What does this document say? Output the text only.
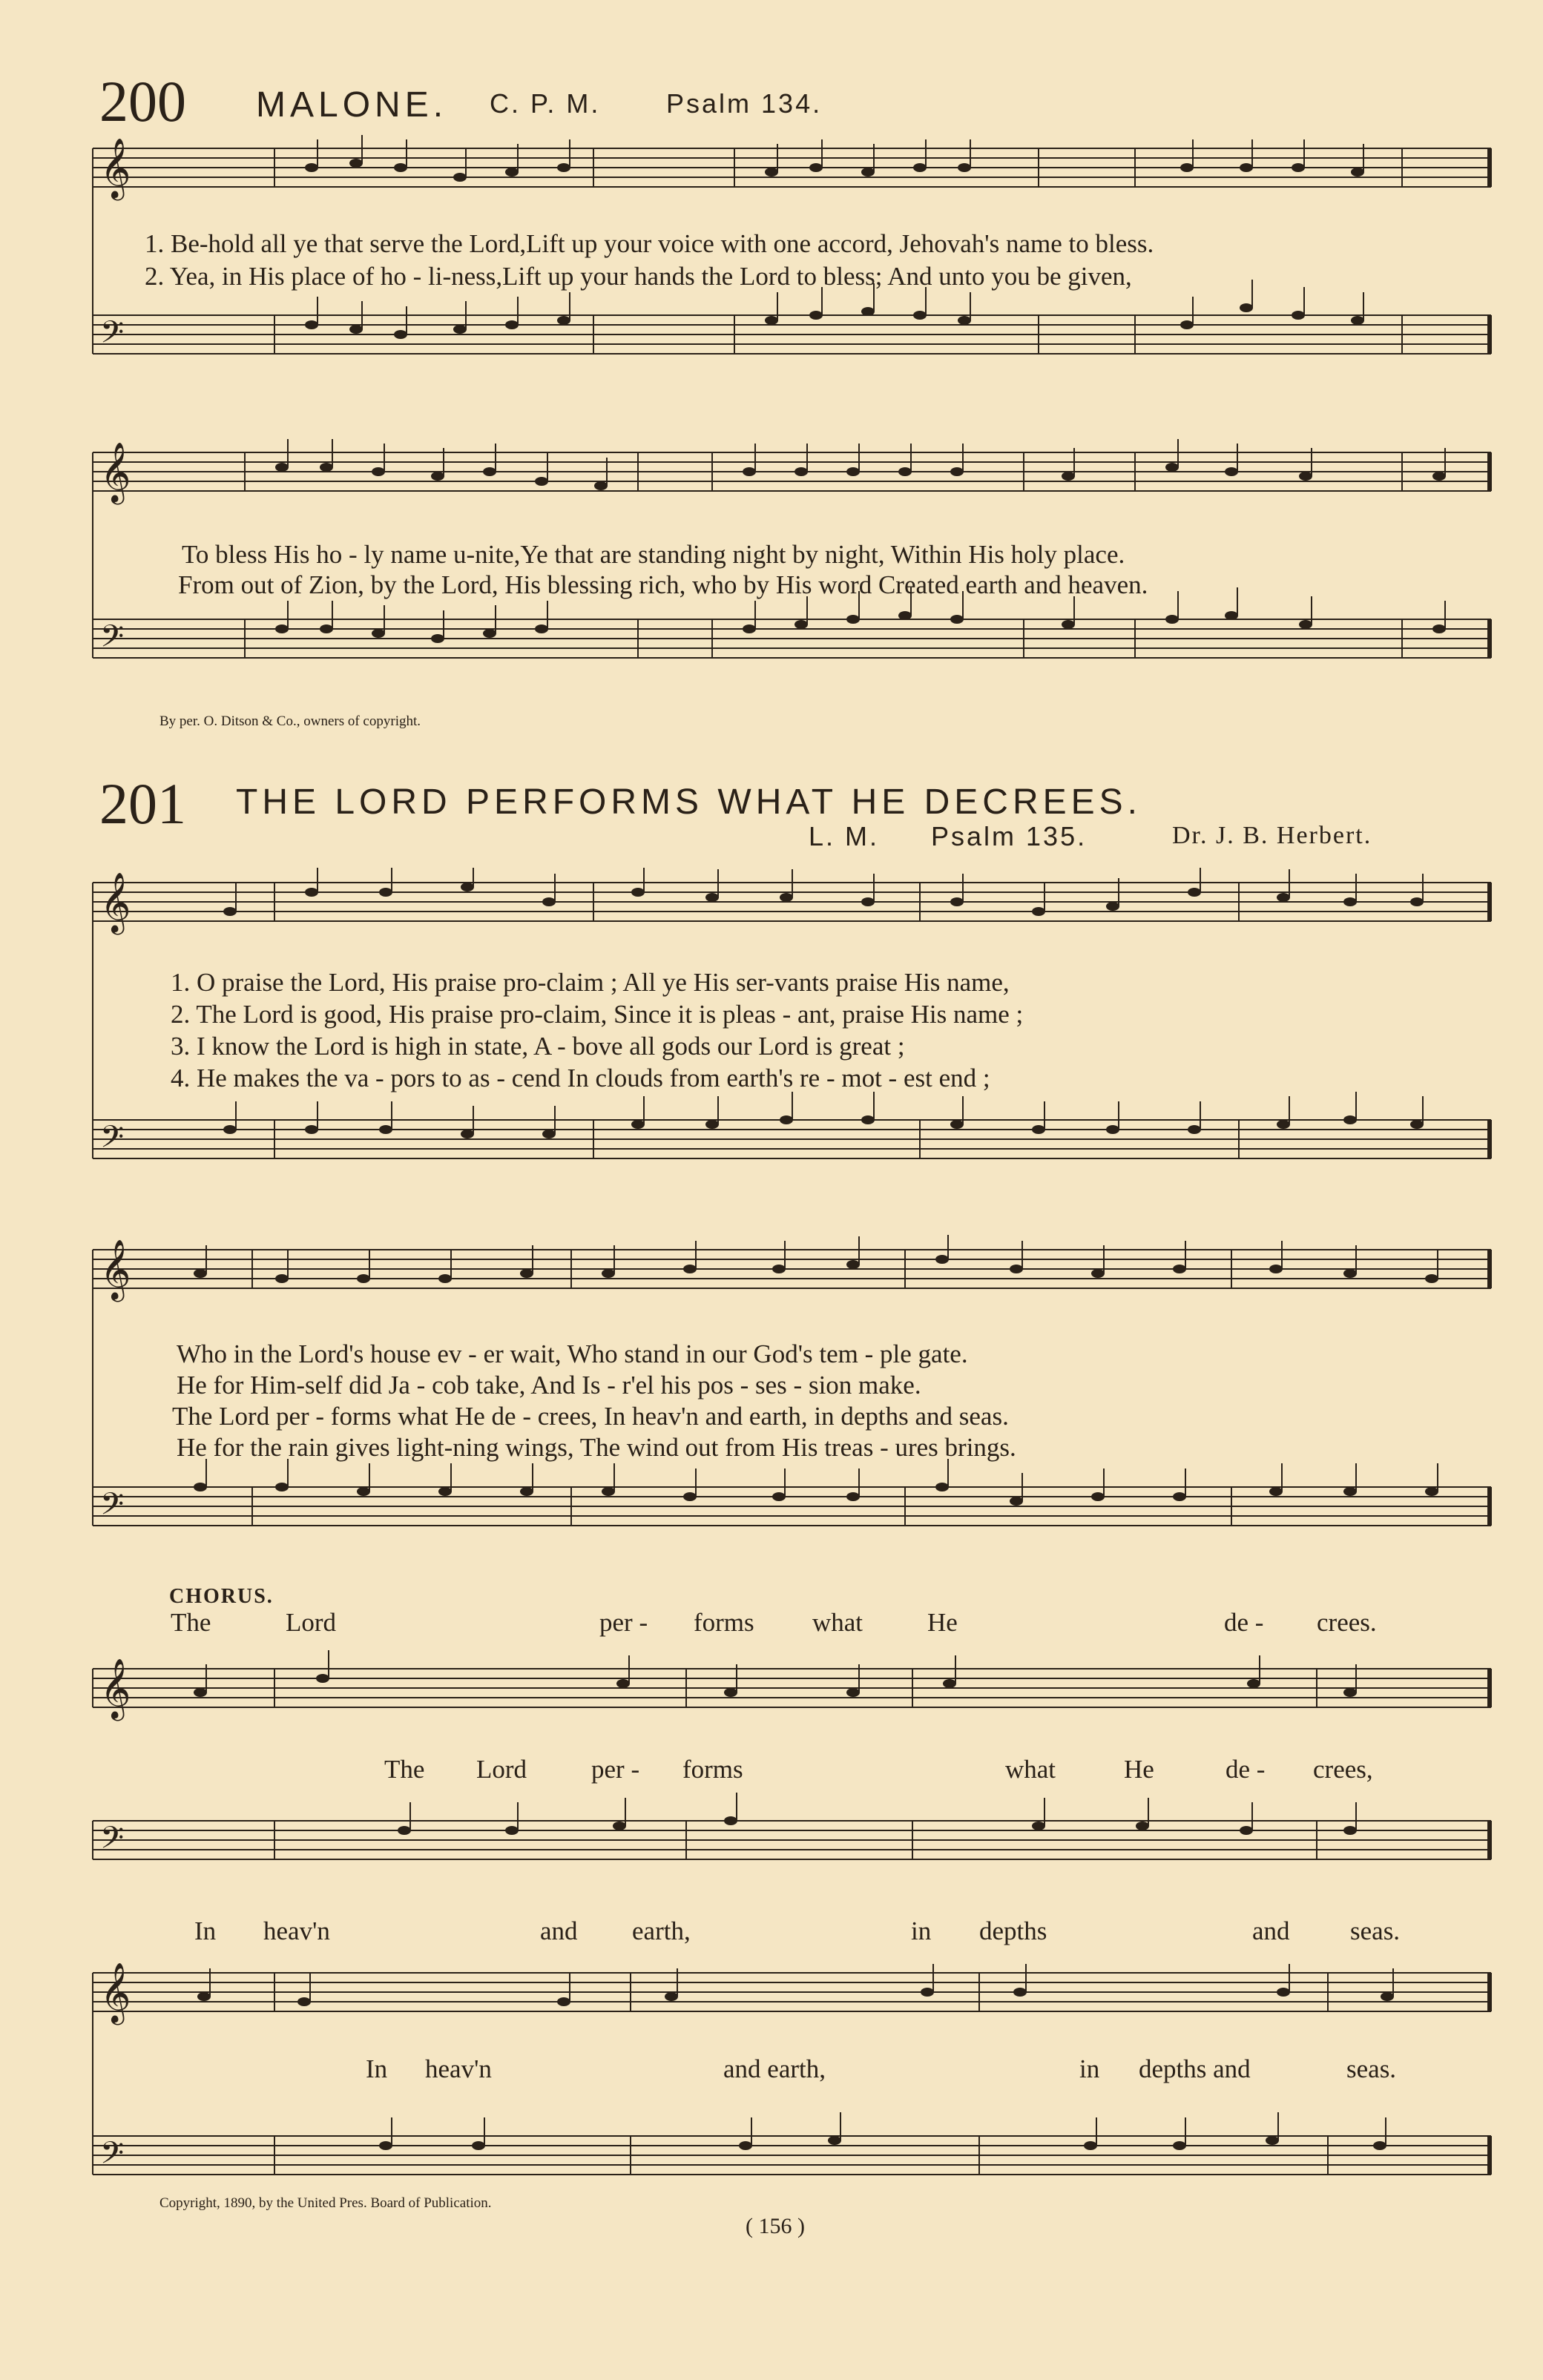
200 MALONE. C. P. M. Psalm 134.
𝄞
𝄢
1. Be-hold all ye that serve the Lord,Lift up your voice with one accord, Jehovah's name to bless.
2. Yea, in His place of ho - li-ness,Lift up your hands the Lord to bless; And unto you be given,
𝄞
𝄢
To bless His ho - ly name u-nite,Ye that are standing night by night, Within His holy place.
From out of Zion, by the Lord, His blessing rich, who by His word Created earth and heaven.
By per. O. Ditson & Co., owners of copyright.
201 THE LORD PERFORMS WHAT HE DECREES.
L. M. Psalm 135.	Dr. J. B. Herbert.
𝄞
𝄢
1. O praise the Lord, His praise pro-claim ; All ye His ser-vants praise His name,
2. The Lord is good, His praise pro-claim, Since it is pleas - ant, praise His name ;
3. I know the Lord is high in state, A - bove all gods our Lord is great ;
4. He makes the va - pors to as - cend In clouds from earth's re - mot - est end ;
𝄞
𝄢
Who in the Lord's house ev - er wait, Who stand in our God's tem - ple gate.
He for Him-self did Ja - cob take, And Is - r'el his pos - ses - sion make.
The Lord per - forms what He de - crees, In heav'n and earth, in depths and seas.
He for the rain gives light-ning wings, The wind out from His treas - ures brings.
CHORUS.
The	Lord	per - forms what He	de - crees.
𝄞
𝄢
The Lord per - forms	what	He	de - crees,
In heav'n	and earth,	in depths	and seas.
𝄞
𝄢
In heav'n	and earth,	in depths and	seas.
Copyright, 1890, by the United Pres. Board of Publication.
( 156 )
